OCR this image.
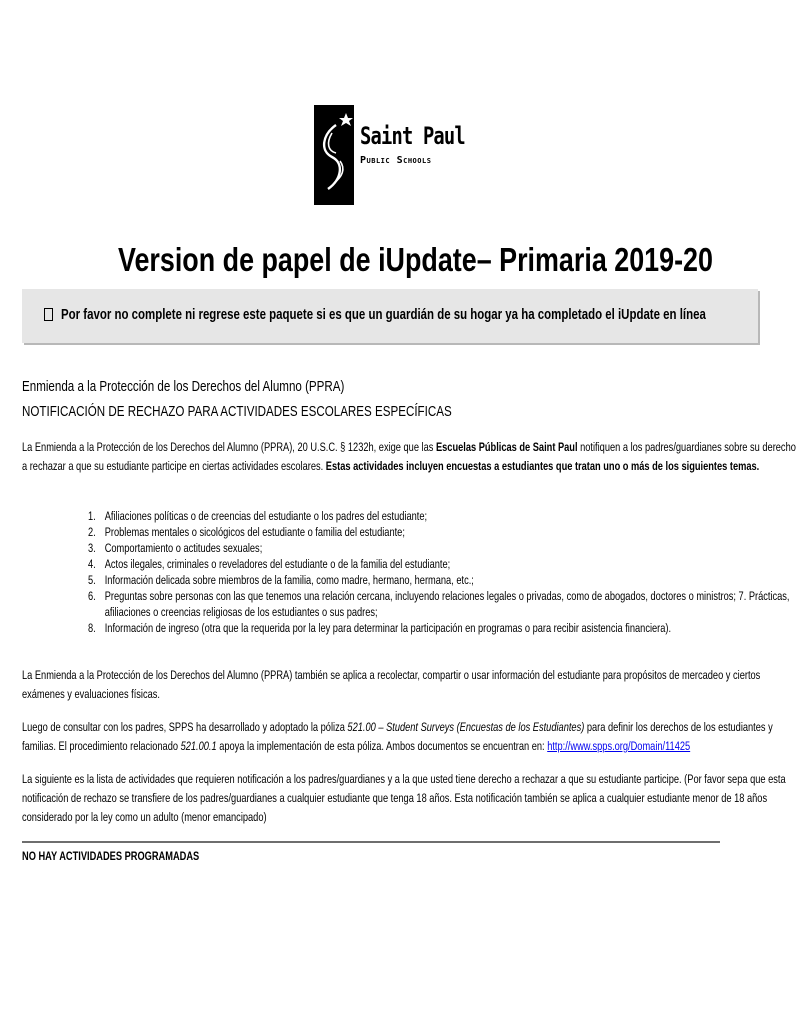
Saint Paul
Public Schools
Version de papel de iUpdate– Primaria 2019-20
Por favor no complete ni regrese este paquete si es que un guardián de su hogar ya ha completado el iUpdate en línea
Enmienda a la Protección de los Derechos del Alumno (PPRA)
NOTIFICACIÓN DE RECHAZO PARA ACTIVIDADES ESCOLARES ESPECÍFICAS
La Enmienda a la Protección de los Derechos del Alumno (PPRA), 20 U.S.C. § 1232h, exige que las Escuelas Públicas de Saint Paul notifiquen a los padres/guardianes sobre su derecho
a rechazar a que su estudiante participe en ciertas actividades escolares. Estas actividades incluyen encuestas a estudiantes que tratan uno o más de los siguientes temas.
1. Afiliaciones políticas o de creencias del estudiante o los padres del estudiante;
2. Problemas mentales o sicológicos del estudiante o familia del estudiante;
3. Comportamiento o actitudes sexuales;
4. Actos ilegales, criminales o reveladores del estudiante o de la familia del estudiante;
5. Información delicada sobre miembros de la familia, como madre, hermano, hermana, etc.;
6. Preguntas sobre personas con las que tenemos una relación cercana, incluyendo relaciones legales o privadas, como de abogados, doctores o ministros; 7. Prácticas,
afiliaciones o creencias religiosas de los estudiantes o sus padres;
8. Información de ingreso (otra que la requerida por la ley para determinar la participación en programas o para recibir asistencia financiera).
La Enmienda a la Protección de los Derechos del Alumno (PPRA) también se aplica a recolectar, compartir o usar información del estudiante para propósitos de mercadeo y ciertos
exámenes y evaluaciones físicas.
Luego de consultar con los padres, SPPS ha desarrollado y adoptado la póliza 521.00 – Student Surveys (Encuestas de los Estudiantes) para definir los derechos de los estudiantes y
familias. El procedimiento relacionado 521.00.1 apoya la implementación de esta póliza. Ambos documentos se encuentran en: http://www.spps.org/Domain/11425
La siguiente es la lista de actividades que requieren notificación a los padres/guardianes y a la que usted tiene derecho a rechazar a que su estudiante participe. (Por favor sepa que esta
notificación de rechazo se transfiere de los padres/guardianes a cualquier estudiante que tenga 18 años. Esta notificación también se aplica a cualquier estudiante menor de 18 años
considerado por la ley como un adulto (menor emancipado)
NO HAY ACTIVIDADES PROGRAMADAS
